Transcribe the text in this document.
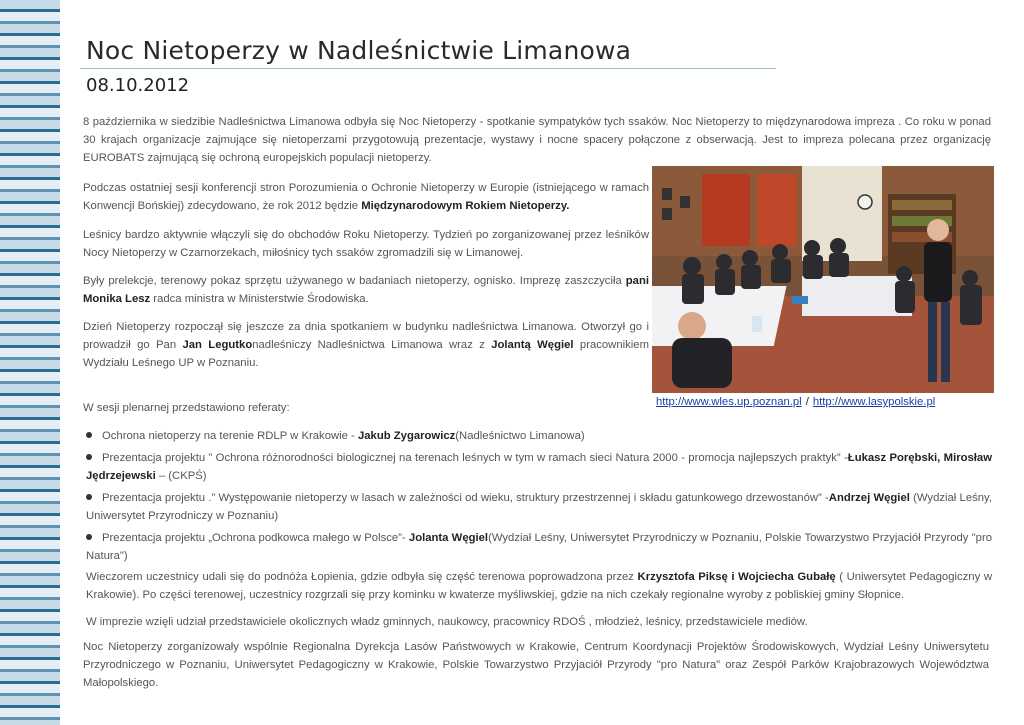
Noc Nietoperzy w Nadleśnictwie Limanowa
08.10.2012
8 października w siedzibie Nadleśnictwa Limanowa odbyła się Noc Nietoperzy - spotkanie sympatyków tych ssaków. Noc Nietoperzy to międzynarodowa impreza . Co roku w ponad 30 krajach organizacje zajmujące się nietoperzami przygotowują prezentacje, wystawy i nocne spacery połączone z obserwacją. Jest to impreza polecana przez organizację EUROBATS zajmującą się ochroną europejskich populacji nietoperzy.
Podczas ostatniej sesji konferencji stron Porozumienia o Ochronie Nietoperzy w Europie (istniejącego w ramach Konwencji Bońskiej) zdecydowano, że rok 2012 będzie Międzynarodowym Rokiem Nietoperzy.
Leśnicy bardzo aktywnie włączyli się do obchodów Roku Nietoperzy. Tydzień po zorganizowanej przez leśników Nocy Nietoperzy w Czarnorzekach, miłośnicy tych ssaków zgromadzili się w Limanowej.
Były prelekcje, terenowy pokaz sprzętu używanego w badaniach nietoperzy, ognisko. Imprezę zaszczyciła pani Monika Lesz radca ministra w Ministerstwie Środowiska.
Dzień Nietoperzy rozpoczął się jeszcze za dnia spotkaniem w budynku nadleśnictwa Limanowa. Otworzył go i prowadził go Pan Jan Legutkonadleśniczy Nadleśnictwa Limanowa wraz z Jolantą Węgiel pracownikiem Wydziału Leśnego UP w Poznaniu.
http://www.wles.up.poznan.pl / http://www.lasypolskie.pl
W sesji plenarnej przedstawiono referaty:
Ochrona nietoperzy na terenie RDLP w Krakowie - Jakub Zygarowicz(Nadleśnictwo Limanowa)
Prezentacja projektu ” Ochrona różnorodności biologicznej na terenach leśnych w tym w ramach sieci Natura 2000 - promocja najlepszych praktyk” -Łukasz Porębski, Mirosław Jędrzejewski – (CKPŚ)
Prezentacja projektu .” Występowanie nietoperzy w lasach w zależności od wieku, struktury przestrzennej i składu gatunkowego drzewostanów” -Andrzej Węgiel (Wydział Leśny, Uniwersytet Przyrodniczy w Poznaniu)
Prezentacja projektu „Ochrona podkowca małego w Polsce”- Jolanta Węgiel(Wydział Leśny, Uniwersytet Przyrodniczy w Poznaniu, Polskie Towarzystwo Przyjaciół Przyrody "pro Natura")
Wieczorem uczestnicy udali się do podnóża Łopienia, gdzie odbyła się część terenowa poprowadzona przez Krzysztofa Piksę i Wojciecha Gubałę ( Uniwersytet Pedagogiczny w Krakowie). Po części terenowej, uczestnicy rozgrzali się przy kominku w kwaterze myśliwskiej, gdzie na nich czekały regionalne wyroby z pobliskiej gminy Słopnice.
W imprezie wzięli udział przedstawiciele okolicznych władz gminnych, naukowcy, pracownicy RDOŚ , młodzież, leśnicy, przedstawiciele mediów.
Noc Nietoperzy zorganizowały wspólnie Regionalna Dyrekcja Lasów Państwowych w Krakowie, Centrum Koordynacji Projektów Środowiskowych, Wydział Leśny Uniwersytetu Przyrodniczego w Poznaniu, Uniwersytet Pedagogiczny w Krakowie, Polskie Towarzystwo Przyjaciół Przyrody "pro Natura" oraz Zespół Parków Krajobrazowych Województwa Małopolskiego.
